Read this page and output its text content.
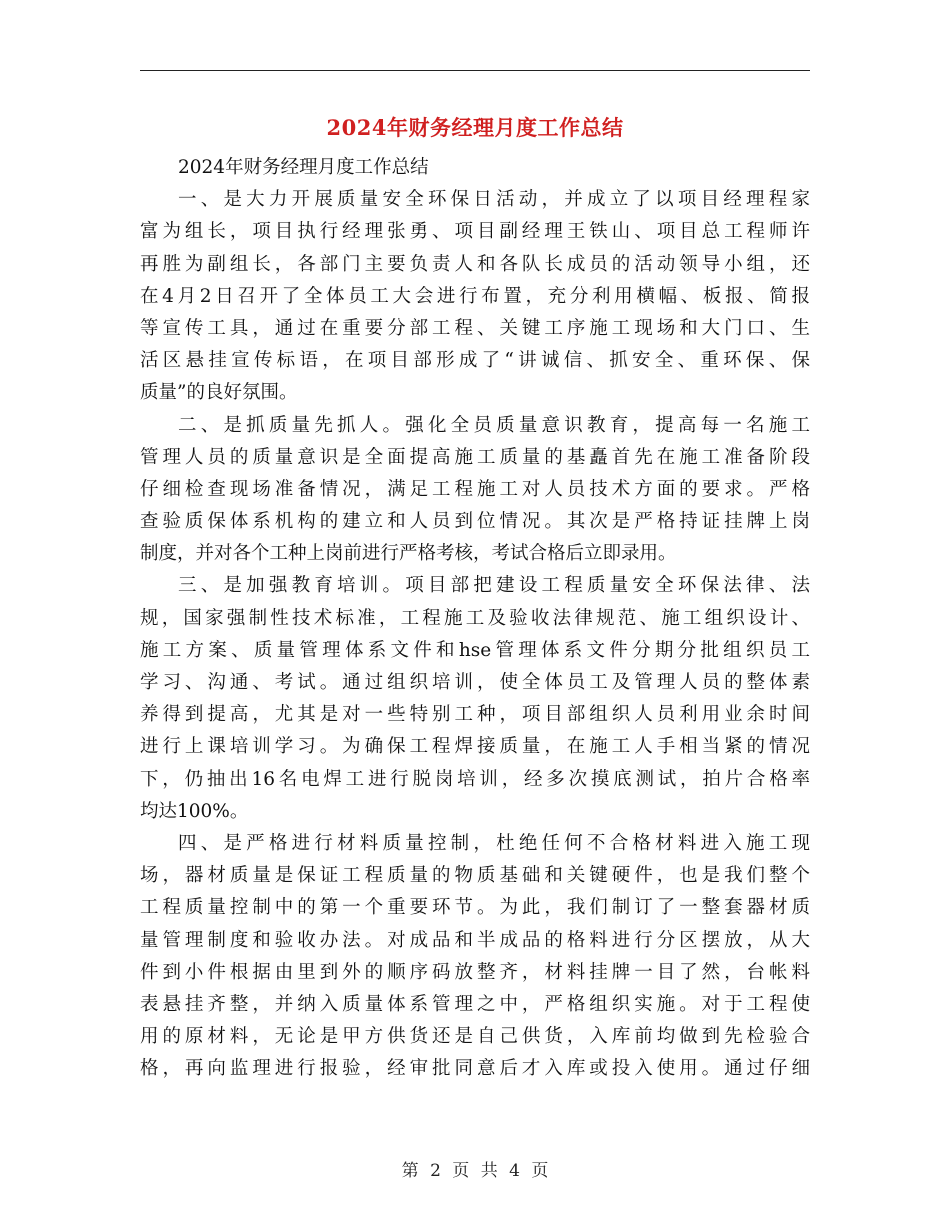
2024年财务经理月度工作总结
2024年财务经理月度工作总结
一、是大力开展质量安全环保日活动，并成立了以项目经理程家
富为组长，项目执行经理张勇、项目副经理王铁山、项目总工程师许
再胜为副组长，各部门主要负责人和各队长成员的活动领导小组，还
在4月2日召开了全体员工大会进行布置，充分利用横幅、板报、简报
等宣传工具，通过在重要分部工程、关键工序施工现场和大门口、生
活区悬挂宣传标语，在项目部形成了“讲诚信、抓安全、重环保、保
质量”的良好氛围。
二、是抓质量先抓人。强化全员质量意识教育，提高每一名施工
管理人员的质量意识是全面提高施工质量的基矗首先在施工准备阶段
仔细检查现场准备情况，满足工程施工对人员技术方面的要求。严格
查验质保体系机构的建立和人员到位情况。其次是严格持证挂牌上岗
制度，并对各个工种上岗前进行严格考核，考试合格后立即录用。
三、是加强教育培训。项目部把建设工程质量安全环保法律、法
规，国家强制性技术标准，工程施工及验收法律规范、施工组织设计、
施工方案、质量管理体系文件和hse管理体系文件分期分批组织员工
学习、沟通、考试。通过组织培训，使全体员工及管理人员的整体素
养得到提高，尤其是对一些特别工种，项目部组织人员利用业余时间
进行上课培训学习。为确保工程焊接质量，在施工人手相当紧的情况
下，仍抽出16名电焊工进行脱岗培训，经多次摸底测试，拍片合格率
均达100%。
四、是严格进行材料质量控制，杜绝任何不合格材料进入施工现
场，器材质量是保证工程质量的物质基础和关键硬件，也是我们整个
工程质量控制中的第一个重要环节。为此，我们制订了一整套器材质
量管理制度和验收办法。对成品和半成品的格料进行分区摆放，从大
件到小件根据由里到外的顺序码放整齐，材料挂牌一目了然，台帐料
表悬挂齐整，并纳入质量体系管理之中，严格组织实施。对于工程使
用的原材料，无论是甲方供货还是自己供货，入库前均做到先检验合
格，再向监理进行报验，经审批同意后才入库或投入使用。通过仔细
第 2 页 共 4 页
